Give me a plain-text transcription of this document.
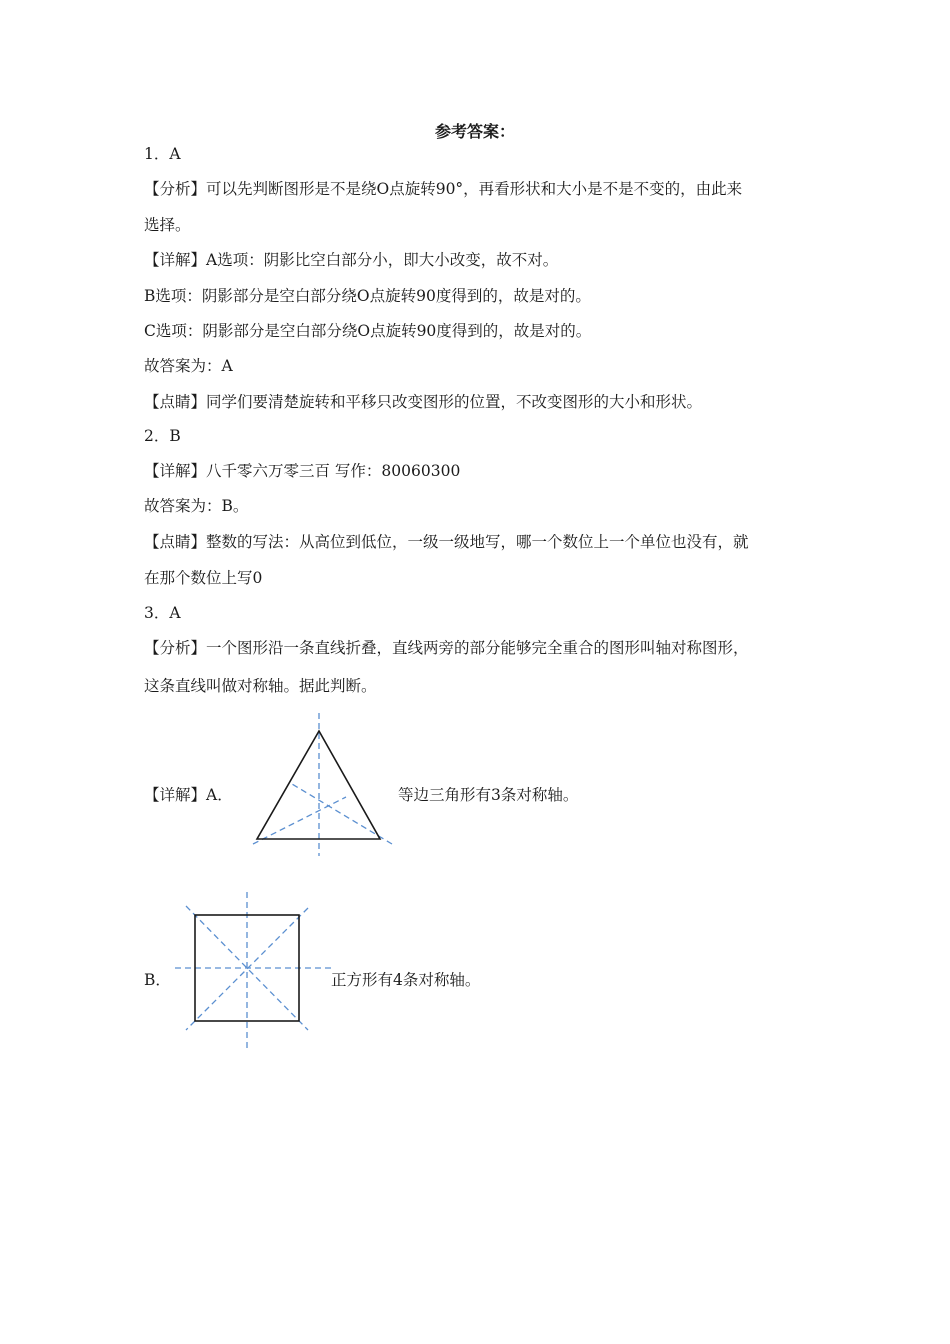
参考答案：
1．A
【分析】可以先判断图形是不是绕O点旋转90°，再看形状和大小是不是不变的，由此来
选择。
【详解】A选项：阴影比空白部分小，即大小改变，故不对。
B选项：阴影部分是空白部分绕O点旋转90度得到的，故是对的。
C选项：阴影部分是空白部分绕O点旋转90度得到的，故是对的。
故答案为：A
【点睛】同学们要清楚旋转和平移只改变图形的位置，不改变图形的大小和形状。
2．B
【详解】八千零六万零三百 写作：80060300
故答案为：B。
【点睛】整数的写法：从高位到低位，一级一级地写，哪一个数位上一个单位也没有，就
在那个数位上写0
3．A
【分析】一个图形沿一条直线折叠，直线两旁的部分能够完全重合的图形叫轴对称图形，
这条直线叫做对称轴。据此判断。
【详解】A．	等边三角形有3条对称轴。
B．	正方形有4条对称轴。
